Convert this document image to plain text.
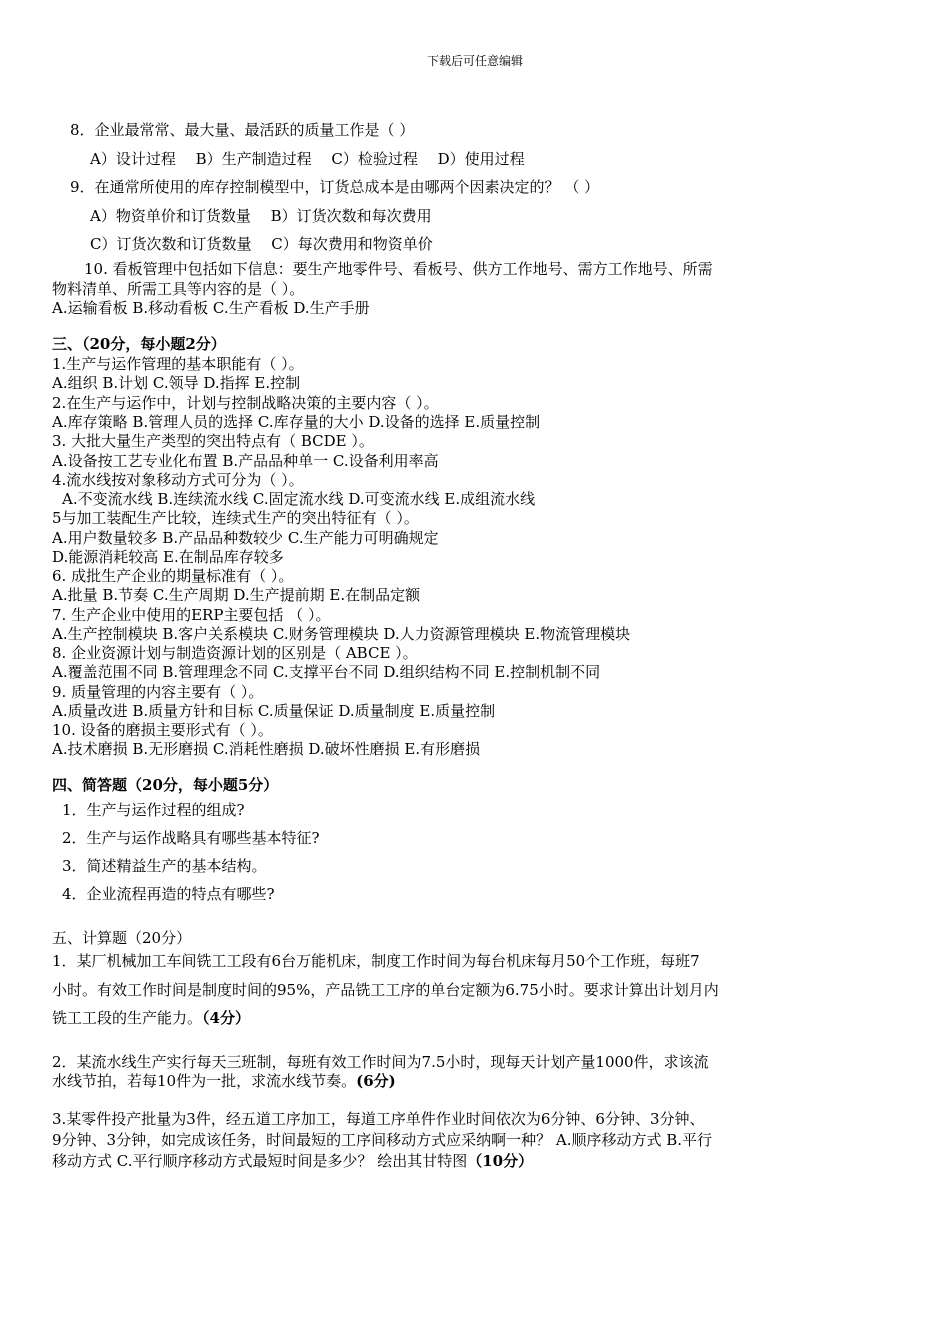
下载后可任意编辑
8．企业最常常、最大量、最活跃的质量工作是（ ）
A）设计过程 　B）生产制造过程 　C）检验过程 　D）使用过程
9．在通常所使用的库存控制模型中，订货总成本是由哪两个因素决定的？ （ ）
A）物资单价和订货数量 　B）订货次数和每次费用
C）订货次数和订货数量 　C）每次费用和物资单价
10. 看板管理中包括如下信息：要生产地零件号、看板号、供方工作地号、需方工作地号、所需
物料清单、所需工具等内容的是（ ）。
A.运输看板 B.移动看板 C.生产看板 D.生产手册
三、（20分，每小题2分）
1.生产与运作管理的基本职能有（ ）。
A.组织 B.计划 C.领导 D.指挥 E.控制
2.在生产与运作中，计划与控制战略决策的主要内容（ ）。
A.库存策略 B.管理人员的选择 C.库存量的大小 D.设备的选择 E.质量控制
3. 大批大量生产类型的突出特点有（ BCDE ）。
A.设备按工艺专业化布置 B.产品品种单一 C.设备利用率高
4.流水线按对象移动方式可分为（ ）。
A.不变流水线 B.连续流水线 C.固定流水线 D.可变流水线 E.成组流水线
5与加工装配生产比较，连续式生产的突出特征有（ ）。
A.用户数量较多 B.产品品种数较少 C.生产能力可明确规定
D.能源消耗较高 E.在制品库存较多
6. 成批生产企业的期量标准有（ ）。
A.批量 B.节奏 C.生产周期 D.生产提前期 E.在制品定额
7. 生产企业中使用的ERP主要包括 （ ）。
A.生产控制模块 B.客户关系模块 C.财务管理模块 D.人力资源管理模块 E.物流管理模块
8. 企业资源计划与制造资源计划的区别是（ ABCE ）。
A.覆盖范围不同 B.管理理念不同 C.支撑平台不同 D.组织结构不同 E.控制机制不同
9. 质量管理的内容主要有（ ）。
A.质量改进 B.质量方针和目标 C.质量保证 D.质量制度 E.质量控制
10. 设备的磨损主要形式有（ ）。
A.技术磨损 B.无形磨损 C.消耗性磨损 D.破坏性磨损 E.有形磨损
四、简答题（20分，每小题5分）
1．生产与运作过程的组成?
2．生产与运作战略具有哪些基本特征?
3．简述精益生产的基本结构。
4．企业流程再造的特点有哪些?
五、计算题（20分）
1．某厂机械加工车间铣工工段有6台万能机床，制度工作时间为每台机床每月50个工作班，每班7
小时。有效工作时间是制度时间的95%，产品铣工工序的单台定额为6.75小时。要求计算出计划月内
铣工工段的生产能力。（4分）
2．某流水线生产实行每天三班制，每班有效工作时间为7.5小时，现每天计划产量1000件，求该流
水线节拍，若每10件为一批，求流水线节奏。(6分)
3.某零件投产批量为3件，经五道工序加工，每道工序单件作业时间依次为6分钟、6分钟、3分钟、
9分钟、3分钟，如完成该任务，时间最短的工序间移动方式应采纳啊一种？ A.顺序移动方式 B.平行
移动方式 C.平行顺序移动方式最短时间是多少？ 绘出其甘特图（10分）
